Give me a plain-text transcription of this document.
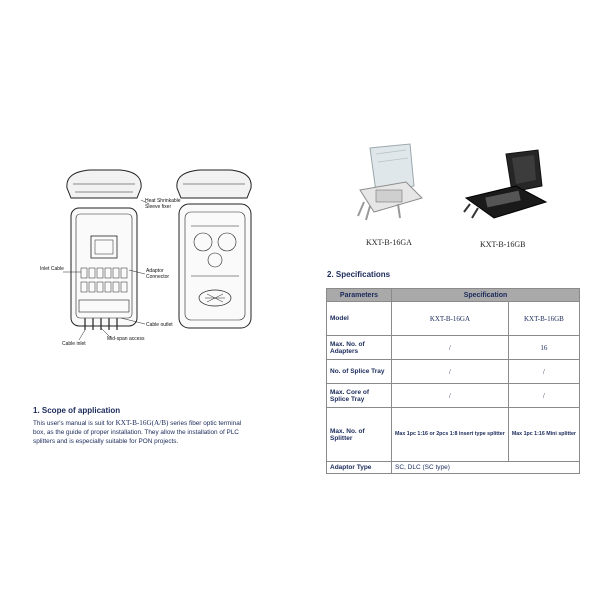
Heat Shrinkable Sleeve fixer
Inlet Cable	Adaptor Connector
Cable outlet
Cable inlet
Mid-span access
KXT-B-16GA	KXT-B-16GB
2. Specifications
Parameters	Specification	
Model	KXT-B-16GA	KXT-B-16GB
Max. No. of Adapters	/	16
No. of Splice Tray	/	/
Max. Core of Splice Tray	/	/
Max. No. of Splitter	Max 1pc 1:16 or 2pcs 1:8 insert type splitter	Max 1pc 1:16 Mini splitter
Adaptor Type	SC, DLC (SC type)	
1. Scope of application
This user's manual is suit for KXT-B-16G(A/B) series fiber optic terminal
box, as the guide of proper installation. They allow the installation of PLC
splitters and is especially suitable for PON projects.
